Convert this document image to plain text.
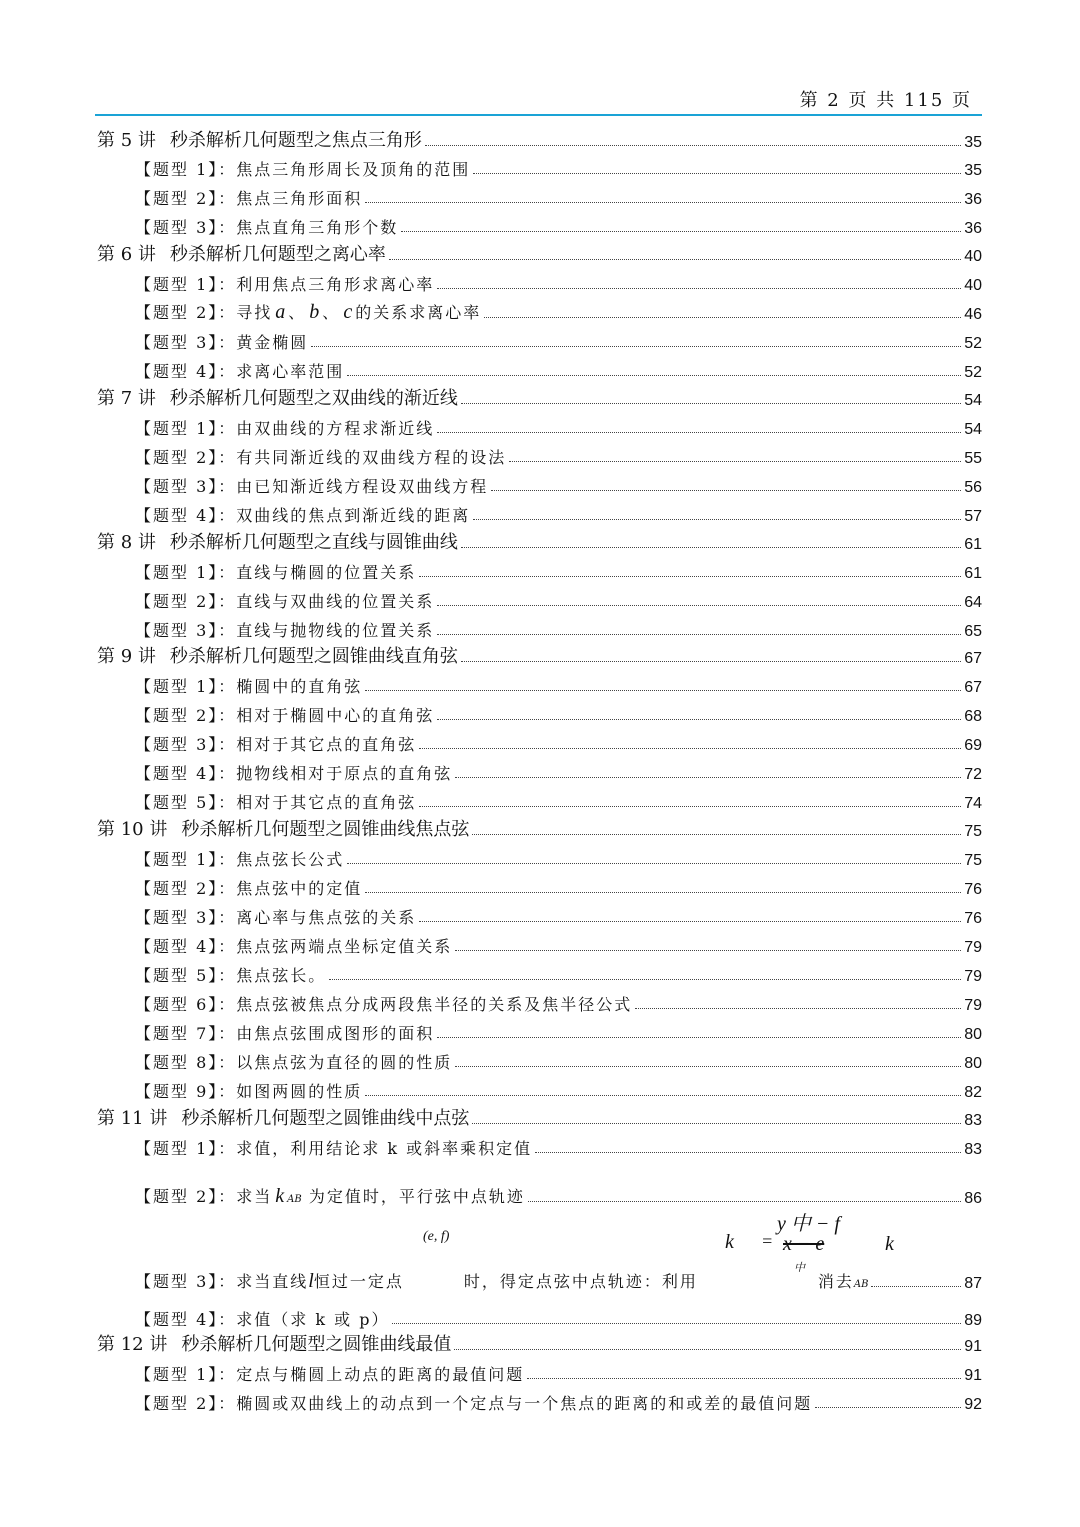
第 2 页 共 115 页
第 5 讲 秒杀解析几何题型之焦点三角形	35
【题型 1】：焦点三角形周长及顶角的范围	35
【题型 2】：焦点三角形面积	36
【题型 3】：焦点直角三角形个数	36
第 6 讲 秒杀解析几何题型之离心率	40
【题型 1】：利用焦点三角形求离心率	40
【题型 2】：寻找 a 、 b 、 c 的关系求离心率	46
【题型 3】：黄金椭圆	52
【题型 4】：求离心率范围	52
第 7 讲 秒杀解析几何题型之双曲线的渐近线	54
【题型 1】：由双曲线的方程求渐近线	54
【题型 2】：有共同渐近线的双曲线方程的设法	55
【题型 3】：由已知渐近线方程设双曲线方程	56
【题型 4】：双曲线的焦点到渐近线的距离	57
第 8 讲 秒杀解析几何题型之直线与圆锥曲线	61
【题型 1】：直线与椭圆的位置关系	61
【题型 2】：直线与双曲线的位置关系	64
【题型 3】：直线与抛物线的位置关系	65
第 9 讲 秒杀解析几何题型之圆锥曲线直角弦	67
【题型 1】：椭圆中的直角弦	67
【题型 2】：相对于椭圆中心的直角弦	68
【题型 3】：相对于其它点的直角弦	69
【题型 4】：抛物线相对于原点的直角弦	72
【题型 5】：相对于其它点的直角弦	74
第 10 讲 秒杀解析几何题型之圆锥曲线焦点弦	75
【题型 1】：焦点弦长公式	75
【题型 2】：焦点弦中的定值	76
【题型 3】：离心率与焦点弦的关系	76
【题型 4】：焦点弦两端点坐标定值关系	79
【题型 5】：焦点弦长。	79
【题型 6】：焦点弦被焦点分成两段焦半径的关系及焦半径公式	79
【题型 7】：由焦点弦围成图形的面积	80
【题型 8】：以焦点弦为直径的圆的性质	80
【题型 9】：如图两圆的性质	82
第 11 讲 秒杀解析几何题型之圆锥曲线中点弦	83
【题型 1】：求值，利用结论求 k 或斜率乘积定值	83
【题型 2】：求当 k AB 为定值时，平行弦中点轨迹	86
(e, f)	k =
y 中 − f
x − e
中
k
【题型 3】：求当直线l恒过一定点	时，得定点弦中点轨迹：利用	消去AB	87
【题型 4】：求值（求 k 或 p）	89
第 12 讲 秒杀解析几何题型之圆锥曲线最值	91
【题型 1】：定点与椭圆上动点的距离的最值问题	91
【题型 2】：椭圆或双曲线上的动点到一个定点与一个焦点的距离的和或差的最值问题	92
